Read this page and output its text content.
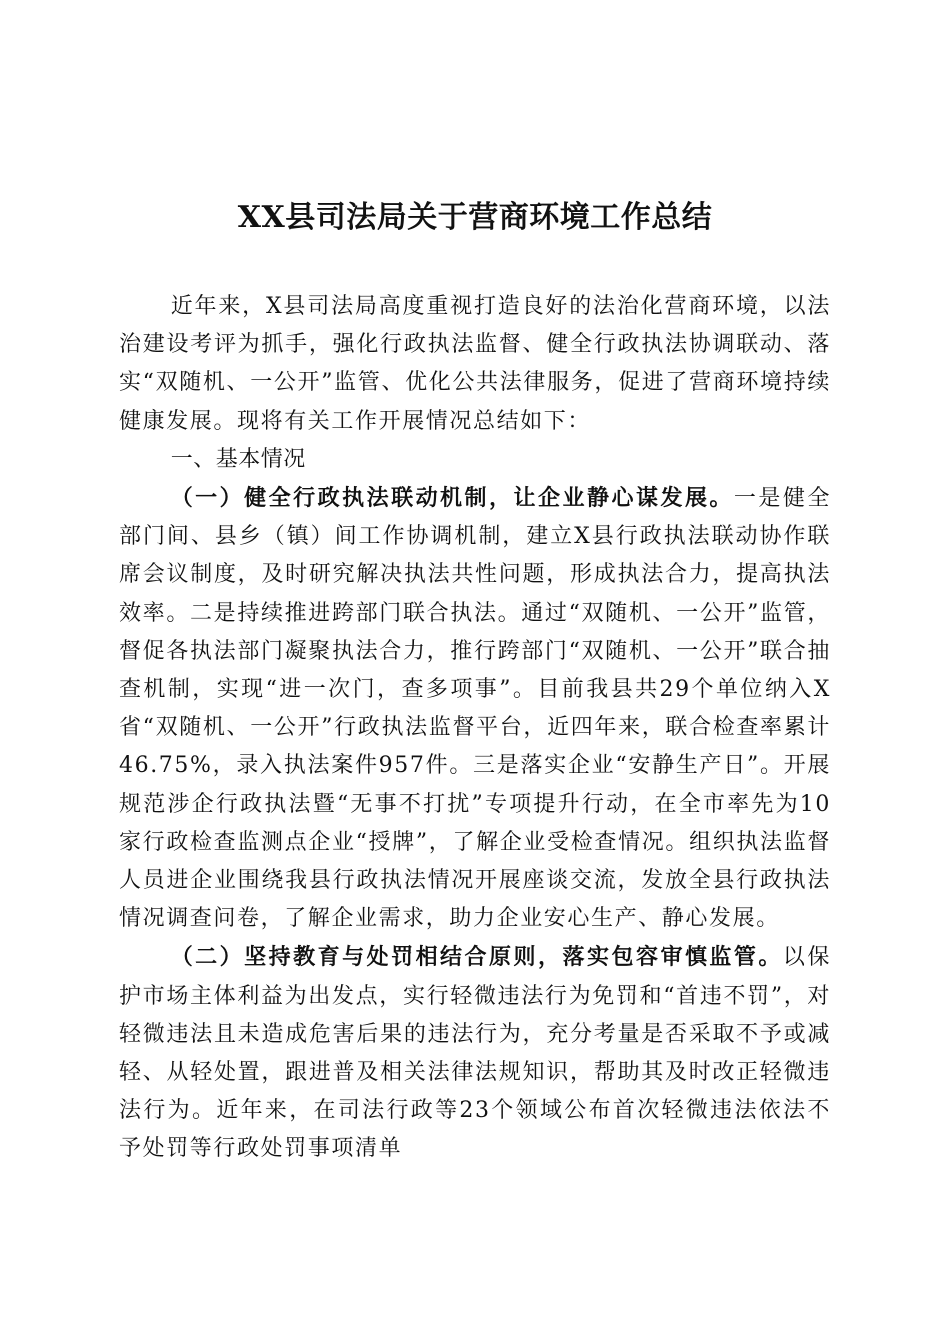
XX县司法局关于营商环境工作总结

近年来，X县司法局高度重视打造良好的法治化营商环境，以法治建设考评为抓手，强化行政执法监督、健全行政执法协调联动、落实“双随机、一公开”监管、优化公共法律服务，促进了营商环境持续健康发展。现将有关工作开展情况总结如下：

一、基本情况

（一）健全行政执法联动机制，让企业静心谋发展。一是健全部门间、县乡（镇）间工作协调机制，建立X县行政执法联动协作联席会议制度，及时研究解决执法共性问题，形成执法合力，提高执法效率。二是持续推进跨部门联合执法。通过“双随机、一公开”监管，督促各执法部门凝聚执法合力，推行跨部门“双随机、一公开”联合抽查机制，实现“进一次门，查多项事”。目前我县共29个单位纳入X省“双随机、一公开”行政执法监督平台，近四年来，联合检查率累计46.75%，录入执法案件957件。三是落实企业“安静生产日”。开展规范涉企行政执法暨“无事不打扰”专项提升行动，在全市率先为10家行政检查监测点企业“授牌”，了解企业受检查情况。组织执法监督人员进企业围绕我县行政执法情况开展座谈交流，发放全县行政执法情况调查问卷，了解企业需求，助力企业安心生产、静心发展。

（二）坚持教育与处罚相结合原则，落实包容审慎监管。以保护市场主体利益为出发点，实行轻微违法行为免罚和“首违不罚”，对轻微违法且未造成危害后果的违法行为，充分考量是否采取不予或减轻、从轻处置，跟进普及相关法律法规知识，帮助其及时改正轻微违法行为。近年来，在司法行政等23个领域公布首次轻微违法依法不予处罚等行政处罚事项清单
